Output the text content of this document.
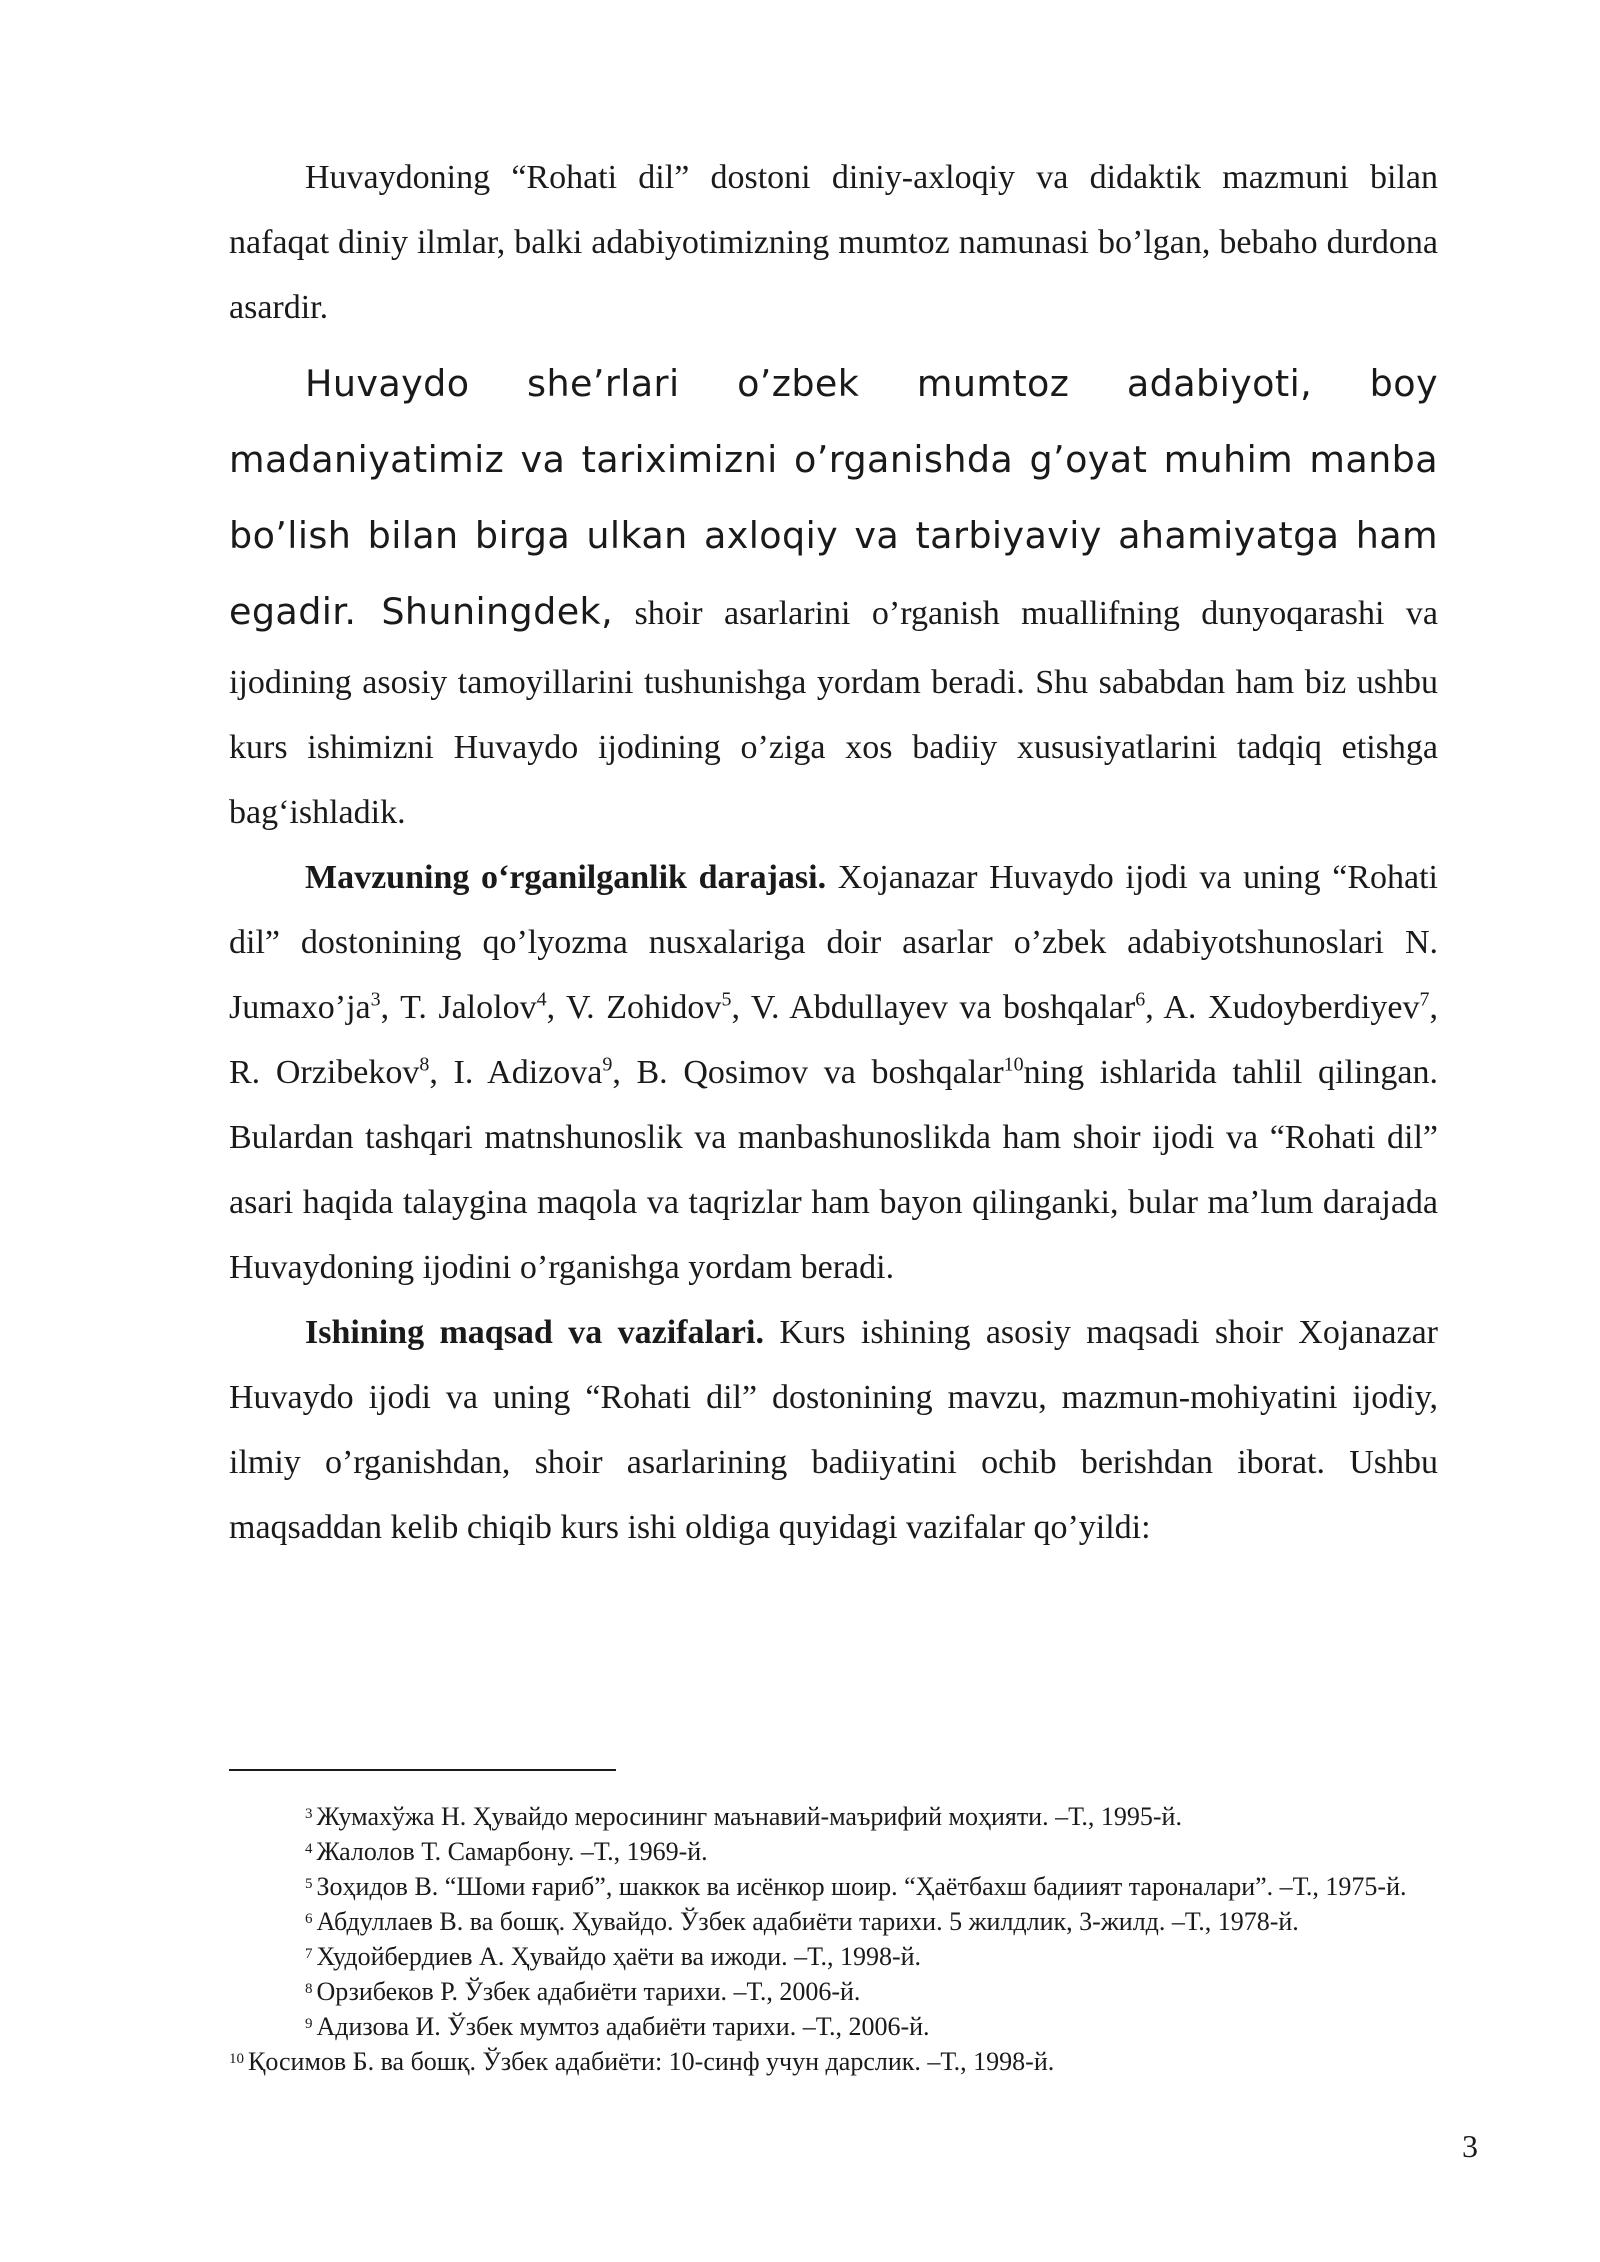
Huvaydoning “Rohati dil” dostoni diniy-axloqiy va didaktik mazmuni bilan nafaqat diniy ilmlar, balki adabiyotimizning mumtoz namunasi bo’lgan, bebaho durdona asardir.

Huvaydo she’rlari o’zbek mumtoz adabiyoti, boy madaniyatimiz va tariximizni o’rganishda g’oyat muhim manba bo’lish bilan birga ulkan axloqiy va tarbiyaviy ahamiyatga ham egadir. Shuningdek, shoir asarlarini o’rganish muallifning dunyoqarashi va ijodining asosiy tamoyillarini tushunishga yordam beradi. Shu sababdan ham biz ushbu kurs ishimizni Huvaydo ijodining o’ziga xos badiiy xususiyatlarini tadqiq etishga bag‘ishladik.

Mavzuning o‘rganilganlik darajasi. Xojanazar Huvaydo ijodi va uning “Rohati dil” dostonining qo’lyozma nusxalariga doir asarlar o’zbek adabiyotshunoslari N. $Jumaxo’ja^3$, T. Jalolov$^4$, V. Zohidov$^5$, V. Abdullayev va boshqalar$^6$, A. Xudoyberdiyev$^7$, R. Orzibekov$^8$, I. Adizova$^9$, B. Qosimov va boshqalar$^{10}$ning ishlarida tahlil qilingan. Bulardan tashqari matnshunoslik va manbashunoslikda ham shoir ijodi va “Rohati dil” asari haqida talaygina maqola va taqrizlar ham bayon qilinganki, bular ma’lum darajada Huvaydoning ijodini o’rganishga yordam beradi.

Ishining maqsad va vazifalari. Kurs ishining asosiy maqsadi shoir Xojanazar Huvaydo ijodi va uning “Rohati dil” dostonining mavzu, mazmun-mohiyatini ijodiy, ilmiy o’rganishdan, shoir asarlarining badiiyatini ochib berishdan iborat. Ushbu maqsaddan kelib chiqib kurs ishi oldiga quyidagi vazifalar qo’yildi:

$^3$ Жумахўжа Н. Ҳувайдо меросининг маънавий-маърифий моҳияти. –Т., 1995-й.

$^4$ Жалолов Т. Самарбону. –Т., 1969-й.

$^5$ Зоҳидов В. “Шоми ғариб”, шаккок ва исёнкор шоир. “Ҳаётбахш бадиият тароналари”. –Т., 1975-й.

$^6$ Абдуллаев В. ва бошқ. Ҳувайдо. Ўзбек адабиёти тарихи. 5 жилдлик, 3-жилд. –Т., 1978-й.

$^7$ Худойбердиев А. Ҳувайдо ҳаёти ва ижоди. –Т., 1998-й.

$^8$ Орзибеков Р. Ўзбек адабиёти тарихи. –Т., 2006-й.

$^9$ Адизова И. Ўзбек мумтоз адабиёти тарихи. –Т., 2006-й.

$^{10}$ Қосимов Б. ва бошқ. Ўзбек адабиёти: 10-синф учун дарслик. –Т., 1998-й.

3
